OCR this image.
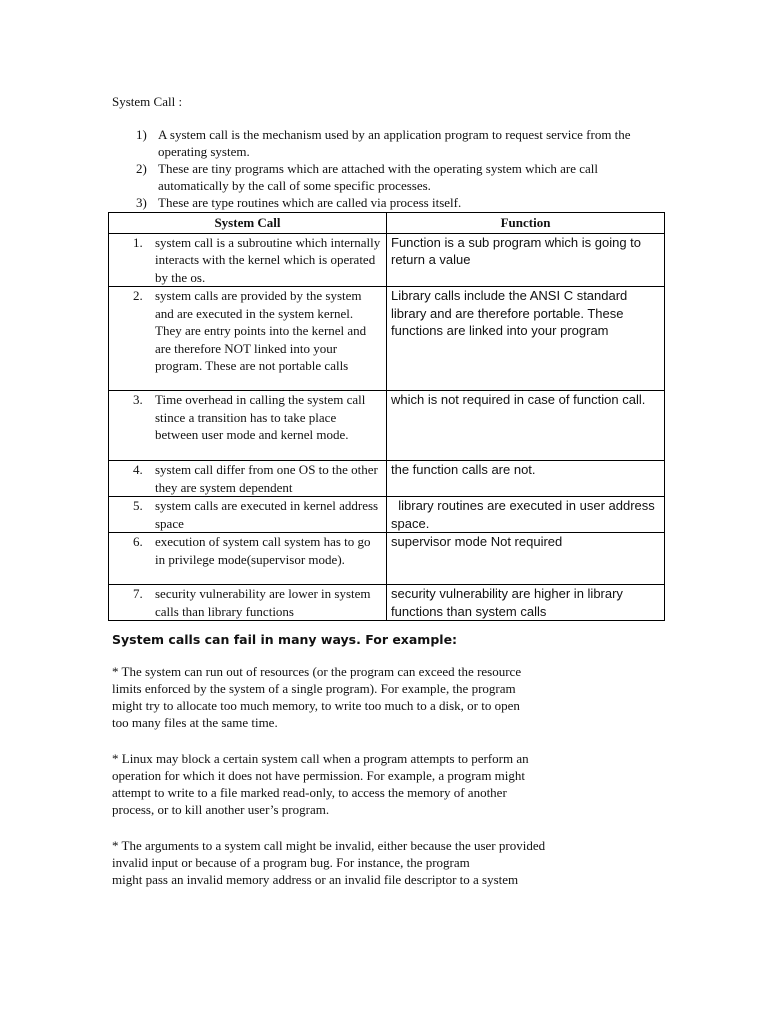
System Call :
1) A system call is the mechanism used by an application program to request service from the operating system.
2) These are tiny programs which are attached with the operating system which are call automatically by the call of some specific processes.
3) These are type routines which are called via process itself.
System Call	Function

1. system call is a subroutine which internally interacts with the kernel which is operated by the os.	Function is a sub program which is going to return a value

2. system calls are provided by the system and are executed in the system kernel. They are entry points into the kernel and are therefore NOT linked into your program. These are not portable calls	Library calls include the ANSI C standard library and are therefore portable. These functions are linked into your program

3. Time overhead in calling the system call stince a transition has to take place between user mode and kernel mode.	which is not required in case of function call.

4. system call differ from one OS to the other they are system dependent	the function calls are not.

5. system calls are executed in kernel address space	library routines are executed in user address space.

6. execution of system call system has to go in privilege mode(supervisor mode).	supervisor mode Not required

7. security vulnerability are lower in system calls than library functions	security vulnerability are higher in library functions than system calls
System calls can fail in many ways. For example:

* The system can run out of resources (or the program can exceed the resource
limits enforced by the system of a single program). For example, the program
might try to allocate too much memory, to write too much to a disk, or to open
too many files at the same time.

* Linux may block a certain system call when a program attempts to perform an
operation for which it does not have permission. For example, a program might
attempt to write to a file marked read-only, to access the memory of another
process, or to kill another user’s program.

* The arguments to a system call might be invalid, either because the user provided
invalid input or because of a program bug. For instance, the program
might pass an invalid memory address or an invalid file descriptor to a system
